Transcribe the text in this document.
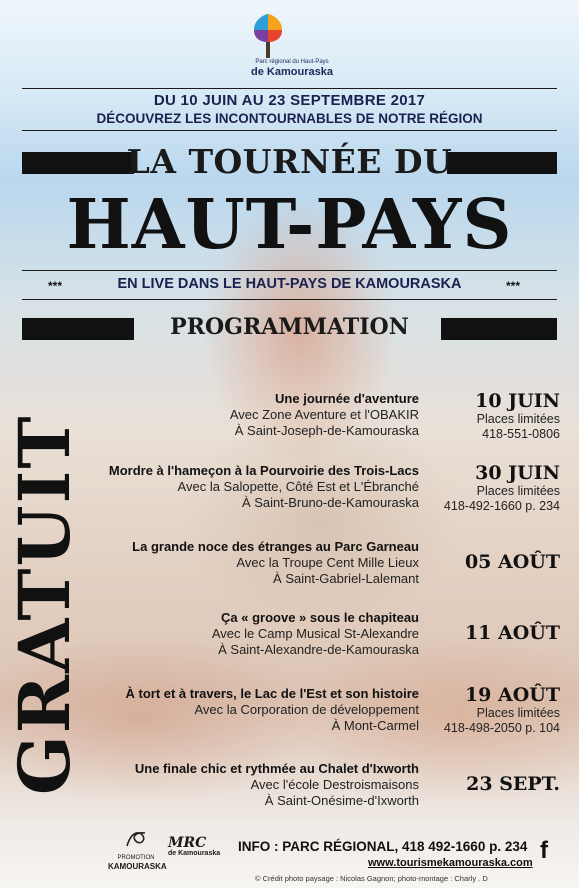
Parc régional du Haut-Pays
de Kamouraska
DU 10 JUIN AU 23 SEPTEMBRE 2017
DÉCOUVREZ LES INCONTOURNABLES DE NOTRE RÉGION
LA TOURNÉE DU
HAUT-PAYS
***	EN LIVE DANS LE HAUT-PAYS DE KAMOURASKA	***
PROGRAMMATION
GRATUIT
Une journée d'aventure
Avec Zone Aventure et l'OBAKIR
À Saint-Joseph-de-Kamouraska
10 JUIN
Places limitées
418-551-0806
Mordre à l'hameçon à la Pourvoirie des Trois-Lacs
Avec la Salopette, Côté Est et L'Ébranché
À Saint-Bruno-de-Kamouraska
30 JUIN
Places limitées
418-492-1660 p. 234
La grande noce des étranges au Parc Garneau
Avec la Troupe Cent Mille Lieux
À Saint-Gabriel-Lalemant
05 AOÛT
Ça « groove » sous le chapiteau
Avec le Camp Musical St-Alexandre
À Saint-Alexandre-de-Kamouraska
11 AOÛT
À tort et à travers, le Lac de l'Est et son histoire
Avec la Corporation de développement
À Mont-Carmel
19 AOÛT
Places limitées
418-498-2050 p. 104
Une finale chic et rythmée au Chalet d'Ixworth
Avec l'école Destroismaisons
À Saint-Onésime-d'Ixworth
23 SEPT.
PROMOTION
KAMOURASKA
MRC
de Kamouraska	INFO : PARC RÉGIONAL, 418 492-1660 p. 234
www.tourismekamouraska.com
© Crédit photo paysage : Nicolas Gagnon; photo-montage : Charly . D
f
